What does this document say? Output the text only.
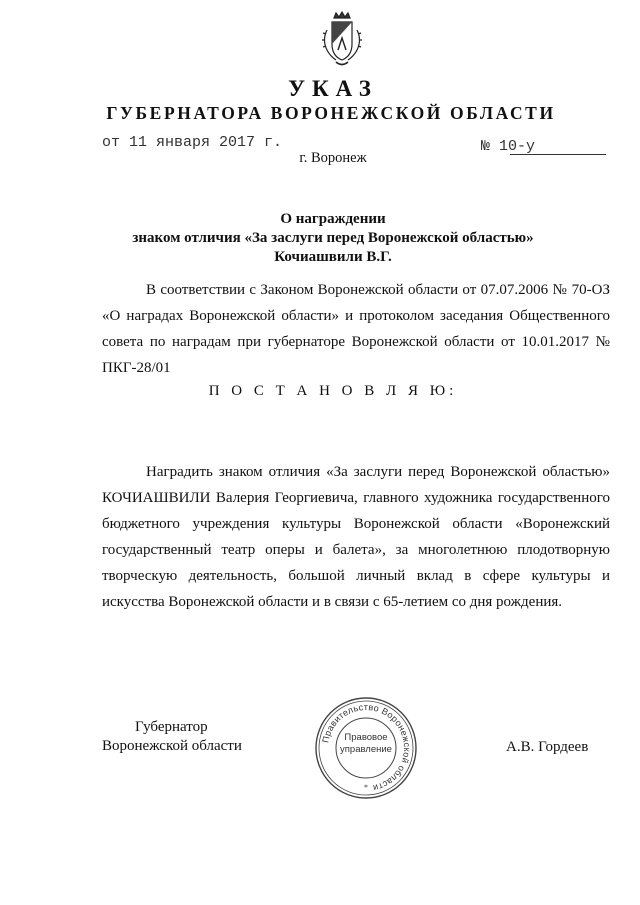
УКАЗ
ГУБЕРНАТОРА ВОРОНЕЖСКОЙ ОБЛАСТИ
от 11 января 2017 г.	№ 10-у
г. Воронеж
О награждении
знаком отличия «За заслуги перед Воронежской областью»
Кочиашвили В.Г.
В соответствии с Законом Воронежской области от 07.07.2006 № 70-ОЗ «О наградах Воронежской области» и протоколом заседания Общественного совета по наградам при губернаторе Воронежской области от 10.01.2017 № ПКГ-28/01
П О С Т А Н О В Л Я Ю:
Наградить знаком отличия «За заслуги перед Воронежской областью» КОЧИАШВИЛИ Валерия Георгиевича, главного художника государственного бюджетного учреждения культуры Воронежской области «Воронежский государственный театр оперы и балета», за многолетнюю плодотворную творческую деятельность, большой личный вклад в сфере культуры и искусства Воронежской области и в связи с 65-летием со дня рождения.
Губернатор
Воронежской области	А.В. Гордеев
Правительство Воронежской области
*
Правовое
управление
